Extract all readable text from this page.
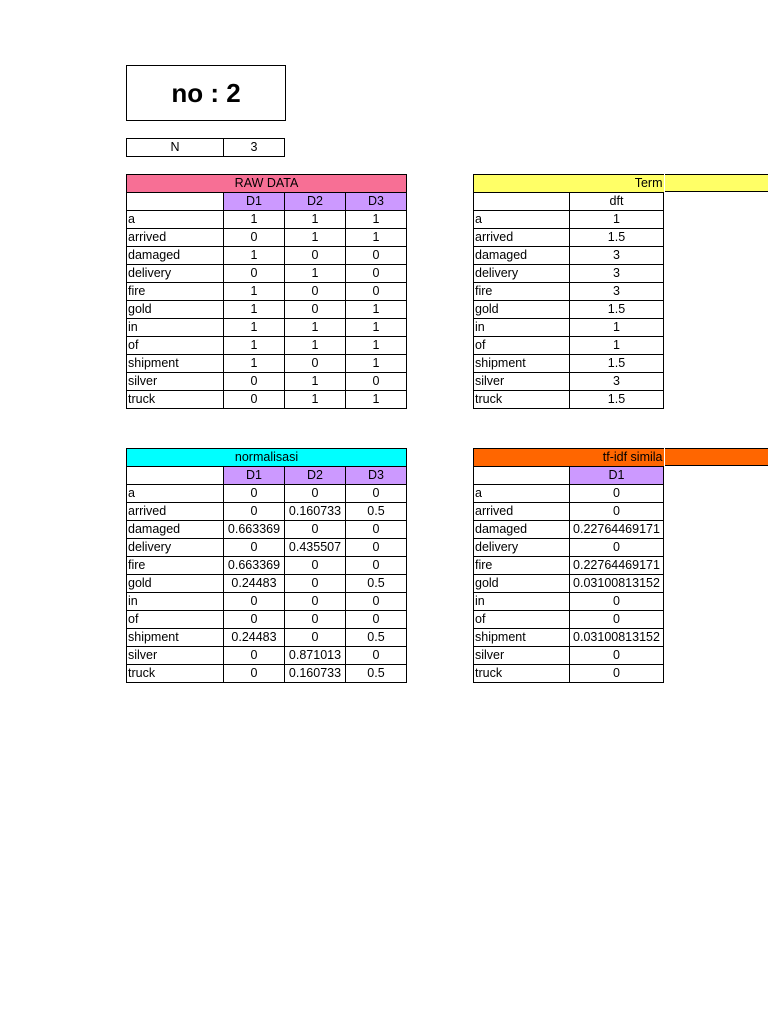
no : 2
N	3
RAW DATA			
	D1	D2	D3
a	1	1	1
arrived	0	1	1
damaged	1	0	0
delivery	0	1	0
fire	1	0	0
gold	1	0	1
in	1	1	1
of	1	1	1
shipment	1	0	1
silver	0	1	0
truck	0	1	1
Term	
	dft
a	1
arrived	1.5
damaged	3
delivery	3
fire	3
gold	1.5
in	1
of	1
shipment	1.5
silver	3
truck	1.5
normalisasi			
	D1	D2	D3
a	0	0	0
arrived	0	0.160733	0.5
damaged	0.663369	0	0
delivery	0	0.435507	0
fire	0.663369	0	0
gold	0.24483	0	0.5
in	0	0	0
of	0	0	0
shipment	0.24483	0	0.5
silver	0	0.871013	0
truck	0	0.160733	0.5
tf-idf simila	
	D1
a	0
arrived	0
damaged	0.22764469171
delivery	0
fire	0.22764469171
gold	0.03100813152
in	0
of	0
shipment	0.03100813152
silver	0
truck	0
